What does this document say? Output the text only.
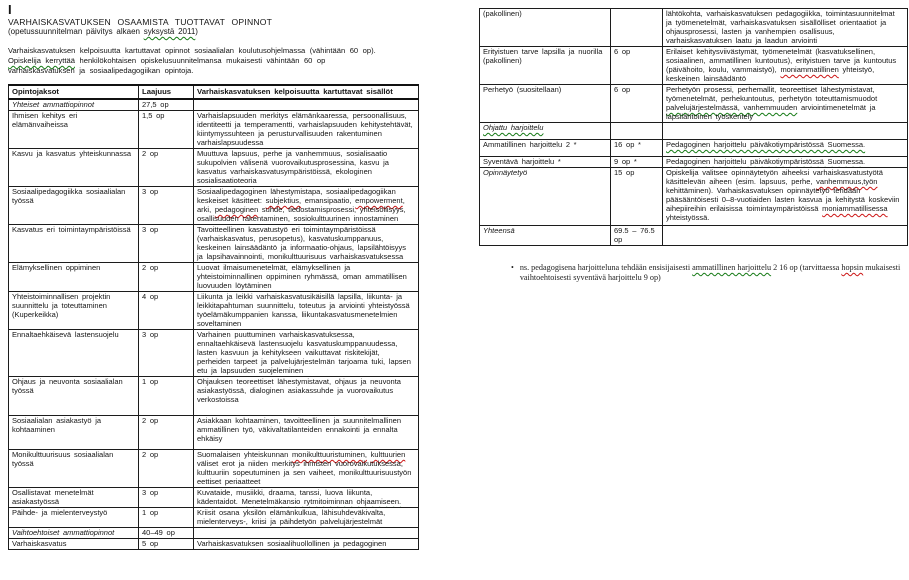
I
VARHAISKASVATUKSEN OSAAMISTA TUOTTAVAT OPINNOT
(opetussuunnitelman päivitys alkaen syksystä 2011)
Varhaiskasvatuksen kelpoisuutta kartuttavat opinnot sosiaalialan koulutusohjelmassa (vähintään 60 op).
Opiskelija kerryttää henkilökohtaisen opiskelusuunnitelmansa mukaisesti vähintään 60 op
varhaiskasvatuksen ja sosiaalipedagogiikan opintoja.
Opintojaksot	Laajuus	Varhaiskasvatuksen kelpoisuutta kartuttavat sisällöt
Yhteiset ammattiopinnot	27,5 op	
Ihmisen kehitys eri elämänvaiheissa	1,5 op	Varhaislapsuuden merkitys elämänkaaressa, persoonallisuus, identiteetti ja temperamentti, varhaislapsuuden kehitystehtävät, kiintymyssuhteen ja perusturvallisuuden rakentuminen varhaislapsuudessa
Kasvu ja kasvatus yhteiskunnassa	2 op	Muuttuva lapsuus, perhe ja vanhemmuus, sosialisaatio sukupolvien välisenä vuorovaikutusprosessina, kasvu ja kasvatus varhaiskasvatusympäristöissä, ekologinen sosialisaatioteoria
Sosiaalipedagogiikka sosiaalialan työssä	3 op	Sosiaalipedagoginen lähestymistapa, sosiaalipedagogiikan keskeiset käsitteet: subjektius, emansipaatio, empowerment, arki, pedagoginen suhde, tiedostamisprosessi, yhteisöllisyys, osallisuuden rakentaminen, sosiokulttuurinen innostaminen
Kasvatus eri toimintaympäristöissä	3 op	Tavoitteellinen kasvatustyö eri toimintaympäristöissä (varhaiskasvatus, perusopetus), kasvatuskumppanuus, keskeinen lainsäädäntö ja informaatio-ohjaus, lapsilähtöisyys ja lapsihavainnointi, monikulttuurisuus varhaiskasvatuksessa
Elämyksellinen oppiminen	2 op	Luovat ilmaisumenetelmät, elämyksellinen ja yhteistoiminnallinen oppiminen ryhmässä, oman ammatillisen luovuuden löytäminen
Yhteistoiminnallisen projektin suunnittelu ja toteuttaminen (Kuperkeikka)	4 op	Liikunta ja leikki varhaiskasvatusikäisillä lapsilla, liikunta- ja leikkitapahtuman suunnittelu, toteutus ja arviointi yhteistyössä työelämäkumppanien kanssa, liikuntakasvatusmenetelmien soveltaminen
Ennaltaehkäisevä lastensuojelu	3 op	Varhainen puuttuminen varhaiskasvatuksessa, ennaltaehkäisevä lastensuojelu kasvatuskumppanuudessa, lasten kasvuun ja kehitykseen vaikuttavat riskitekijät, perheiden tarpeet ja palvelujärjestelmän tarjoama tuki, lapsen etu ja lapsuuden suojeleminen
Ohjaus ja neuvonta sosiaalialan työssä	1 op	Ohjauksen teoreettiset lähestymistavat, ohjaus ja neuvonta asiakastyössä, dialoginen asiakassuhde ja vuorovaikutus verkostoissa
Sosiaalialan asiakastyö ja kohtaaminen	2 op	Asiakkaan kohtaaminen, tavoitteellinen ja suunnitelmallinen ammatillinen työ, väkivaltatilanteiden ennakointi ja ennalta ehkäisy
Monikulttuurisuus sosiaalialan työssä	2 op	Suomalaisen yhteiskunnan monikulttuuristuminen, kulttuurien väliset erot ja niiden merkitys ihmisten vuorovaikutuksessa, kulttuuriin sopeutuminen ja sen vaiheet, monikulttuurisuustyön eettiset periaatteet
Osallistavat menetelmät asiakastyössä	3 op	Kuvataide, musiikki, draama, tanssi, luova liikunta, kädentaidot. Menetelmäkansio rytmitoiminnan ohjaamiseen.
Päihde- ja mielenterveystyö	1 op	Kriisit osana yksilön elämänkulkua, lähisuhdeväkivalta, mielenterveys-, kriisi ja päihdetyön palvelujärjestelmät
Vaihtoehtoiset ammattiopinnot	40–49 op	
Varhaiskasvatus	5 op	Varhaiskasvatuksen sosiaalihuollollinen ja pedagoginen
(pakollinen)		lähtökohta, varhaiskasvatuksen pedagogiikka, toimintasuunnitelmat ja työmenetelmät, varhaiskasvatuksen sisällölliset orientaatiot ja ohjausprosessi, lasten ja vanhempien osallisuus, varhaiskasvatuksen laatu ja laadun arviointi
Erityistuen tarve lapsilla ja nuorilla (pakollinen)	6 op	Erilaiset kehitysviivästymät, työmenetelmät (kasvatuksellinen, sosiaalinen, ammatillinen kuntoutus), erityistuen tarve ja kuntoutus (päivähoito, koulu, vammaistyö), moniammatillinen yhteistyö, keskeinen lainsäädäntö
Perhetyö (suositellaan)	6 op	Perhetyön prosessi, perhemallit, teoreettiset lähestymistavat, työmenetelmät, perhekuntoutus, perhetyön toteuttamismuodot palvelujärjestelmässä, vanhemmuuden arviointimenetelmät ja lapsilähtöinen työskentely
Ohjattu harjoittelu		
Ammatillinen harjoittelu 2 *	16 op *	Pedagoginen harjoittelu päiväkotiympäristössä Suomessa.
Syventävä harjoittelu *	9 op *	Pedagoginen harjoittelu päiväkotiympäristössä Suomessa.
Opinnäytetyö	15 op	Opiskelija valitsee opinnäytetyön aiheeksi varhaiskasvatustyötä käsittelevän aiheen (esim. lapsuus, perhe, vanhemmuus,työn kehittäminen). Varhaiskasvatuksen opinnäytetyö tehdään pääsääntöisesti 0–8-vuotiaiden lasten kasvua ja kehitystä koskeviin aihepiireihin erilaisissa toimintaympäristöissä moniammatillisessa yhteistyössä.
Yhteensä	69.5 – 76.5 op	
• ns. pedagogisena harjoitteluna tehdään ensisijaisesti ammatillinen harjoittelu 2 16 op (tarvittaessa hopsin mukaisesti vaihtoehtoisesti syventävä harjoittelu 9 op)
